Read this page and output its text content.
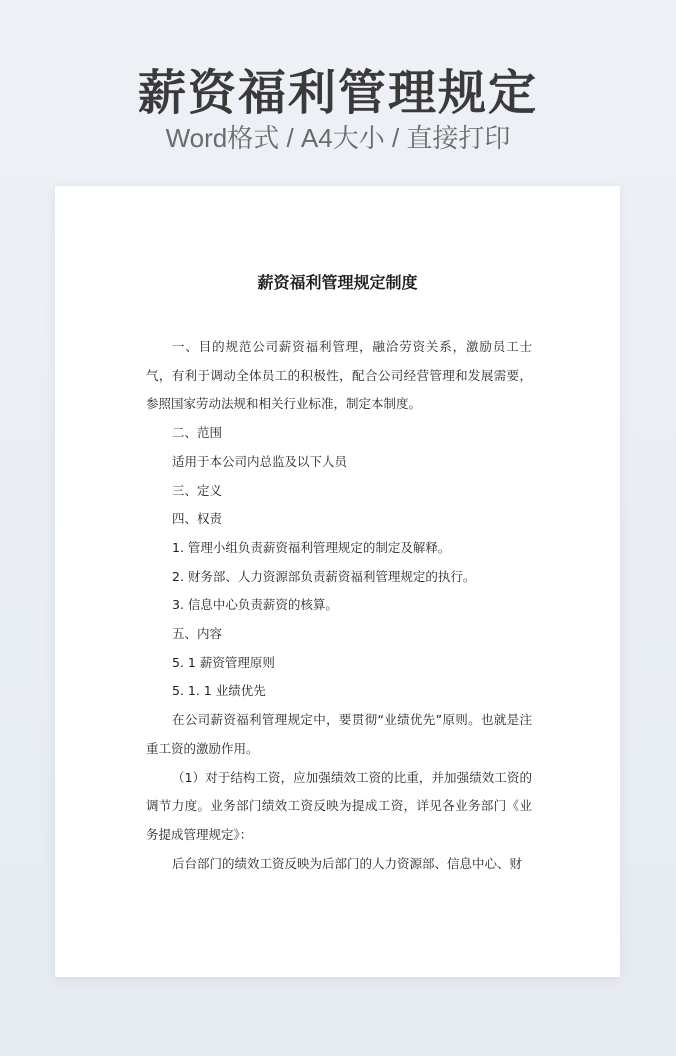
薪资福利管理规定
Word格式 / A4大小 / 直接打印
薪资福利管理规定制度

一、目的规范公司薪资福利管理，融洽劳资关系，激励员工士气，有利于调动全体员工的积极性，配合公司经营管理和发展需要，参照国家劳动法规和相关行业标准，制定本制度。

二、范围

适用于本公司内总监及以下人员

三、定义

四、权责

1. 管理小组负责薪资福利管理规定的制定及解释。

2. 财务部、人力资源部负责薪资福利管理规定的执行。

3. 信息中心负责薪资的核算。

五、内容

5. 1 薪资管理原则

5. 1. 1 业绩优先

在公司薪资福利管理规定中，要贯彻“业绩优先”原则。也就是注重工资的激励作用。

（1）对于结构工资，应加强绩效工资的比重，并加强绩效工资的调节力度。业务部门绩效工资反映为提成工资，详见各业务部门《业务提成管理规定》：

后台部门的绩效工资反映为后部门的人力资源部、信息中心、财
